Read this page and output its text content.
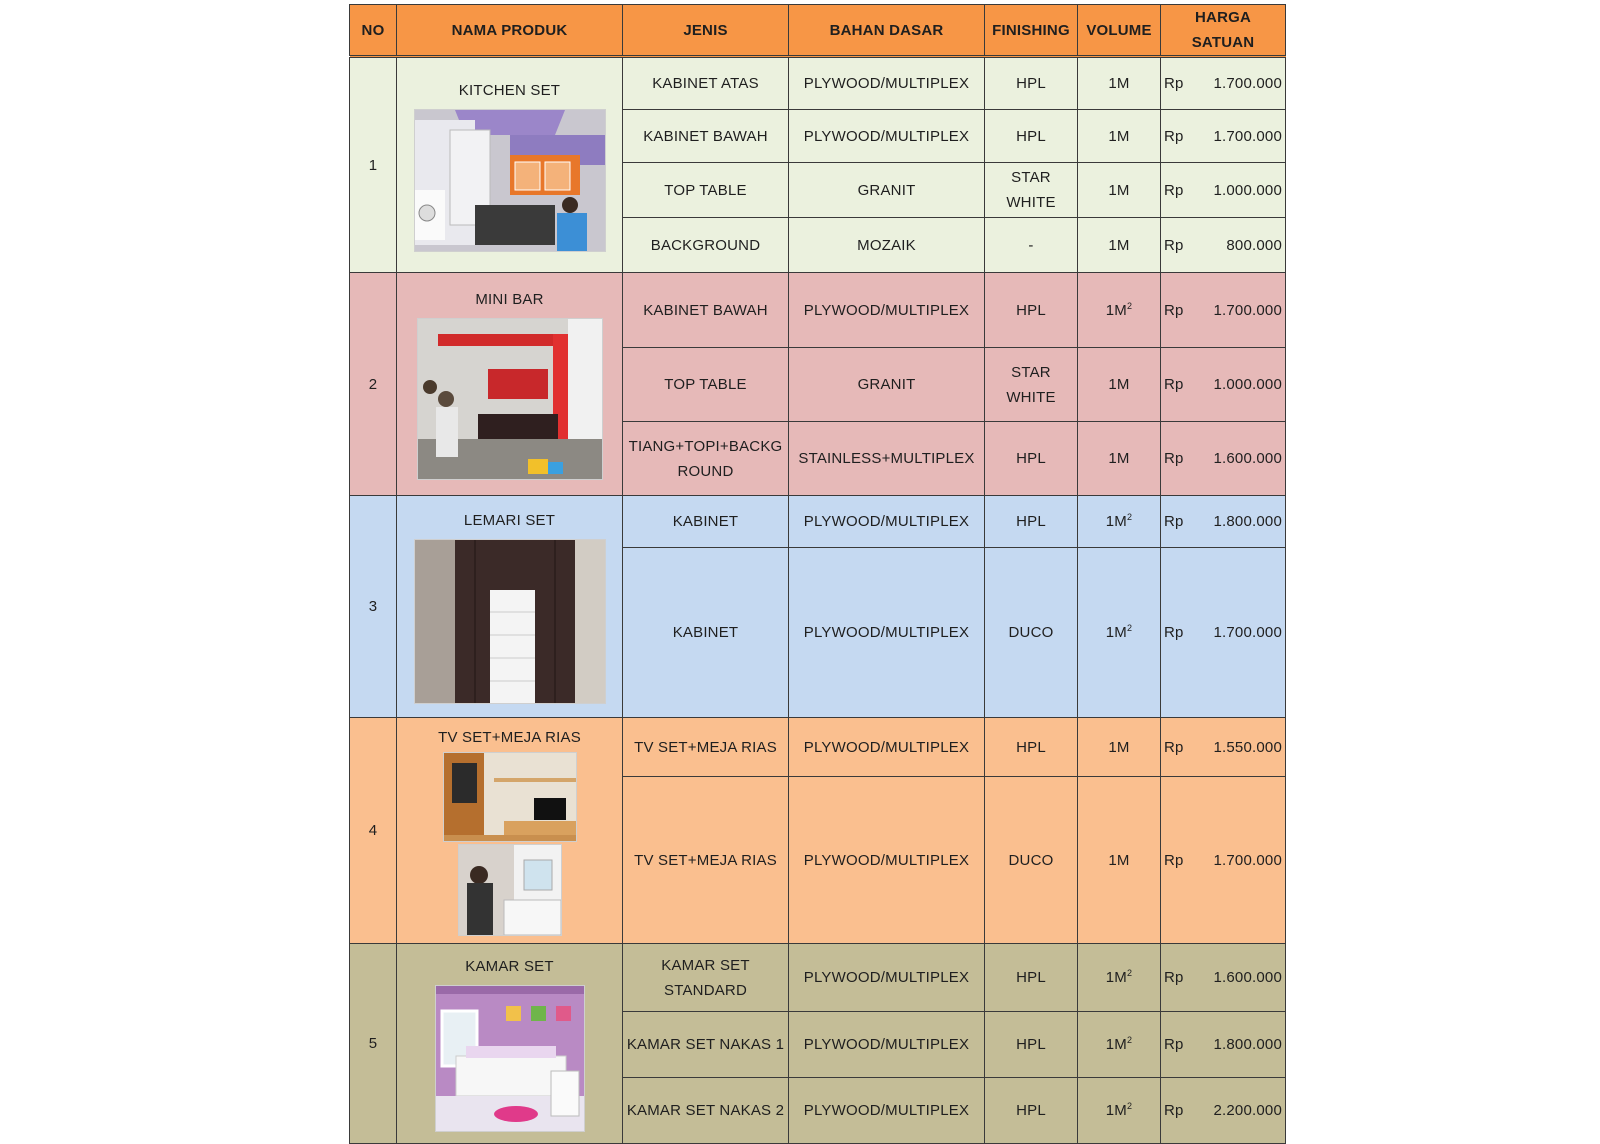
NO	NAMA PRODUK	JENIS	BAHAN DASAR	FINISHING	VOLUME	HARGA
SATUAN
1	KITCHEN SET	KABINET ATAS	PLYWOOD/MULTIPLEX	HPL	1M	Rp 1.700.000

		KABINET BAWAH	PLYWOOD/MULTIPLEX	HPL	1M	Rp 1.700.000

		TOP TABLE	GRANIT	STAR WHITE	1M	Rp 1.000.000

		BACKGROUND	MOZAIK	-	1M	Rp 800.000

2	MINI BAR	KABINET BAWAH	PLYWOOD/MULTIPLEX	HPL	$1M^2$	Rp 1.700.000

		TOP TABLE	GRANIT	STAR WHITE	1M	Rp 1.000.000

		TIANG+TOPI+BACKGROUND	STAINLESS+MULTIPLEX	HPL	1M	Rp 1.600.000

3	LEMARI SET	KABINET	PLYWOOD/MULTIPLEX	HPL	$1M^2$	Rp 1.800.000

		KABINET	PLYWOOD/MULTIPLEX	DUCO	$1M^2$	Rp 1.700.000

4	TV SET+MEJA RIAS	TV SET+MEJA RIAS	PLYWOOD/MULTIPLEX	HPL	1M	Rp 1.550.000

		TV SET+MEJA RIAS	PLYWOOD/MULTIPLEX	DUCO	1M	Rp 1.700.000

5	KAMAR SET	KAMAR SET STANDARD	PLYWOOD/MULTIPLEX	HPL	$1M^2$	Rp 1.600.000

		KAMAR SET NAKAS 1	PLYWOOD/MULTIPLEX	HPL	$1M^2$	Rp 1.800.000

		KAMAR SET NAKAS 2	PLYWOOD/MULTIPLEX	HPL	$1M^2$	Rp 2.200.000
